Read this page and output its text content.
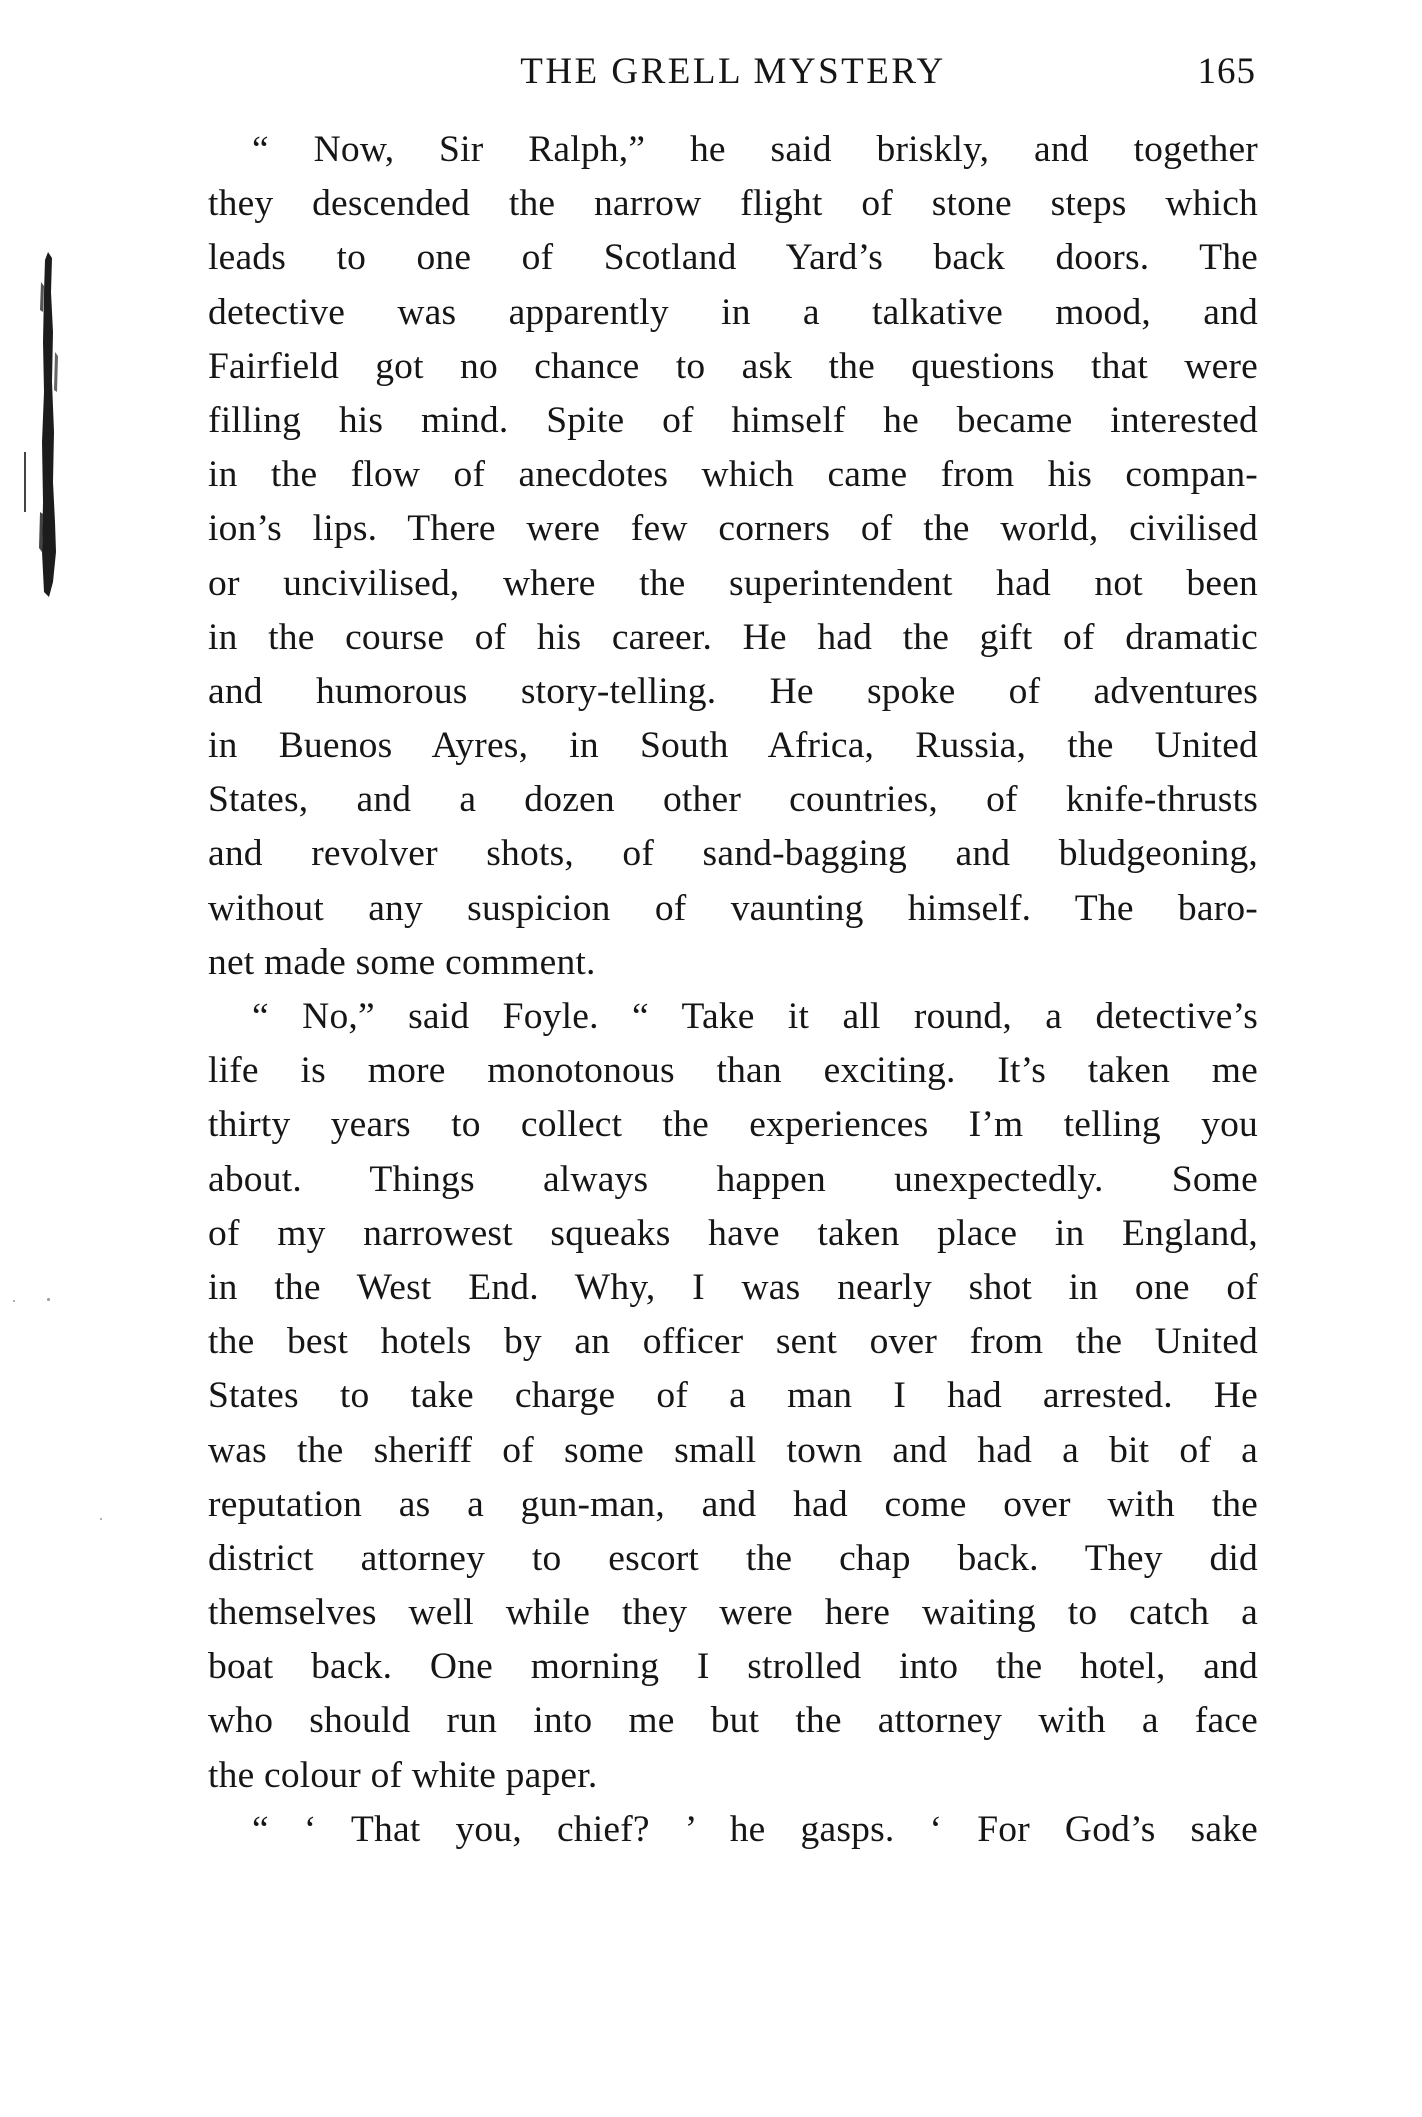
THE GRELL MYSTERY	165
“ Now, Sir Ralph,” he said briskly, and together
they descended the narrow flight of stone steps which
leads to one of Scotland Yard’s back doors. The
detective was apparently in a talkative mood, and
Fairfield got no chance to ask the questions that were
filling his mind. Spite of himself he became interested
in the flow of anecdotes which came from his compan-
ion’s lips. There were few corners of the world, civilised
or uncivilised, where the superintendent had not been
in the course of his career. He had the gift of dramatic
and humorous story-telling. He spoke of adventures
in Buenos Ayres, in South Africa, Russia, the United
States, and a dozen other countries, of knife-thrusts
and revolver shots, of sand-bagging and bludgeoning,
without any suspicion of vaunting himself. The baro-
net made some comment.
“ No,” said Foyle. “ Take it all round, a detective’s
life is more monotonous than exciting. It’s taken me
thirty years to collect the experiences I’m telling you
about. Things always happen unexpectedly. Some
of my narrowest squeaks have taken place in England,
in the West End. Why, I was nearly shot in one of
the best hotels by an officer sent over from the United
States to take charge of a man I had arrested. He
was the sheriff of some small town and had a bit of a
reputation as a gun-man, and had come over with the
district attorney to escort the chap back. They did
themselves well while they were here waiting to catch a
boat back. One morning I strolled into the hotel, and
who should run into me but the attorney with a face
the colour of white paper.
“ ‘ That you, chief? ’ he gasps. ‘ For God’s sake
